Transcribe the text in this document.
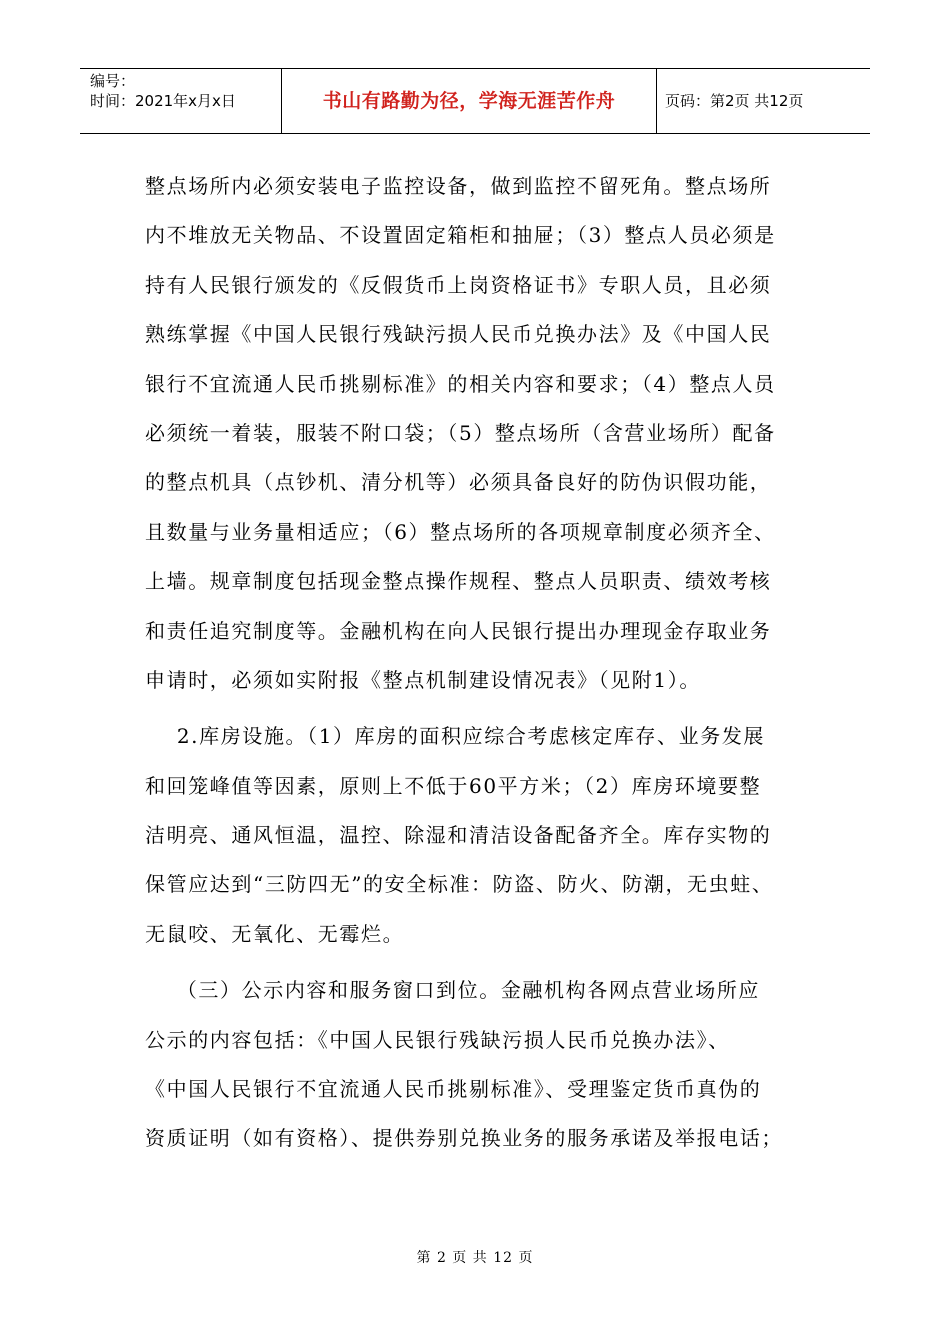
编号：
时间：2021年x月x日	书山有路勤为径，学海无涯苦作舟	页码：第2页 共12页
整点场所内必须安装电子监控设备，做到监控不留死角。整点场所
内不堆放无关物品、不设置固定箱柜和抽屉；（3）整点人员必须是
持有人民银行颁发的《反假货币上岗资格证书》专职人员，且必须
熟练掌握《中国人民银行残缺污损人民币兑换办法》及《中国人民
银行不宜流通人民币挑剔标准》的相关内容和要求；（4）整点人员
必须统一着装，服装不附口袋；（5）整点场所（含营业场所）配备
的整点机具（点钞机、清分机等）必须具备良好的防伪识假功能，
且数量与业务量相适应；（6）整点场所的各项规章制度必须齐全、
上墙。规章制度包括现金整点操作规程、整点人员职责、绩效考核
和责任追究制度等。金融机构在向人民银行提出办理现金存取业务
申请时，必须如实附报《整点机制建设情况表》（见附1）。
2.库房设施。（1）库房的面积应综合考虑核定库存、业务发展
和回笼峰值等因素，原则上不低于60平方米；（2）库房环境要整
洁明亮、通风恒温，温控、除湿和清洁设备配备齐全。库存实物的
保管应达到“三防四无”的安全标准：防盗、防火、防潮，无虫蛀、
无鼠咬、无氧化、无霉烂。
（三）公示内容和服务窗口到位。金融机构各网点营业场所应
公示的内容包括：《中国人民银行残缺污损人民币兑换办法》、
《中国人民银行不宜流通人民币挑剔标准》、受理鉴定货币真伪的
资质证明（如有资格）、提供券别兑换业务的服务承诺及举报电话；
第 2 页 共 12 页
